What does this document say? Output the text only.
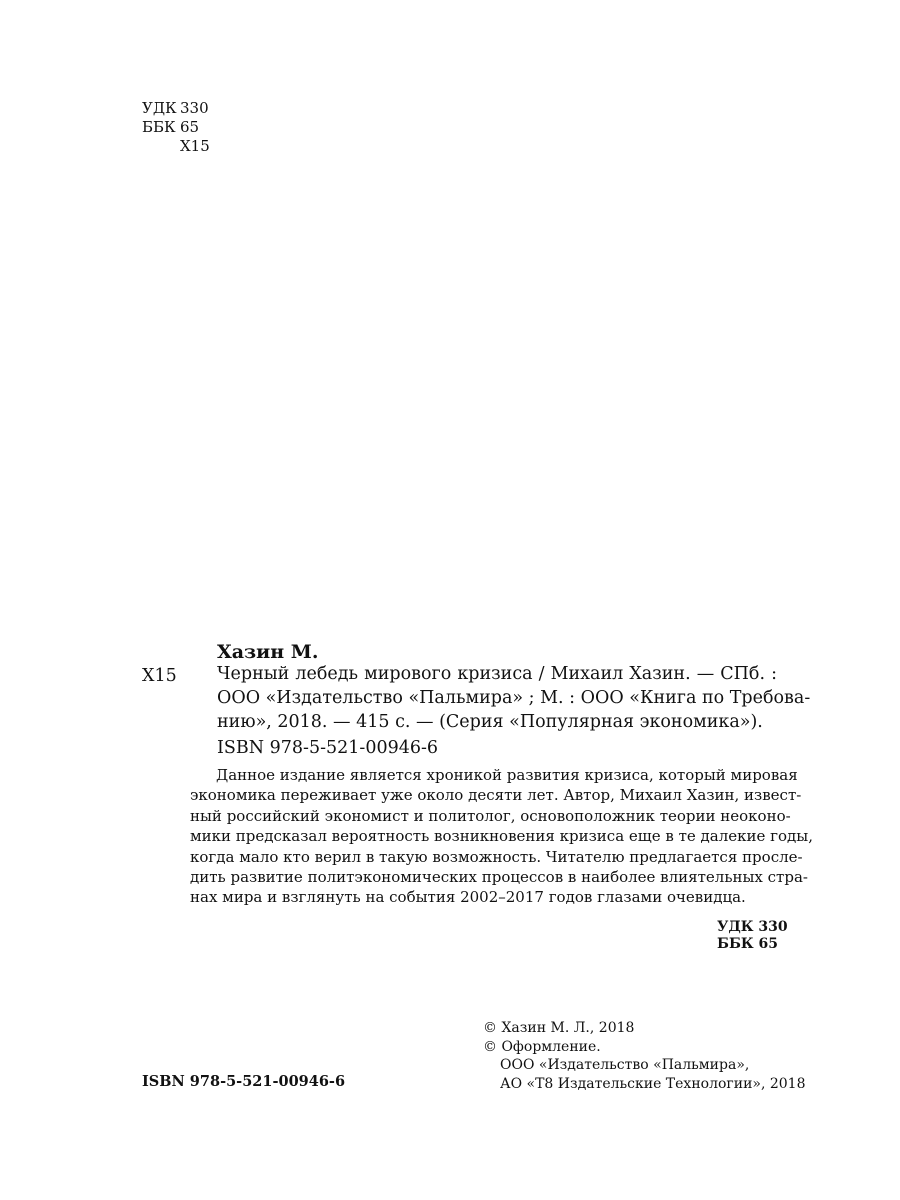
УДК 330
ББК 65
Х15
Хазин М.
Х15 Черный лебедь мирового кризиса / Михаил Хазин. — СПб. :
ООО «Издательство «Пальмира» ; М. : ООО «Книга по Требова-
нию», 2018. — 415 с. — (Серия «Популярная экономика»).
ISBN 978-5-521-00946-6
Данное издание является хроникой развития кризиса, который мировая
экономика переживает уже около десяти лет. Автор, Михаил Хазин, извест-
ный российский экономист и политолог, основоположник теории неоконо-
мики предсказал вероятность возникновения кризиса еще в те далекие годы,
когда мало кто верил в такую возможность. Читателю предлагается просле-
дить развитие политэкономических процессов в наиболее влиятельных стра-
нах мира и взглянуть на события 2002–2017 годов глазами очевидца.
УДК 330
ББК 65
© Хазин М. Л., 2018
© Оформление.
ООО «Издательство «Пальмира»,
АО «Т8 Издательские Технологии», 2018
ISBN 978-5-521-00946-6
